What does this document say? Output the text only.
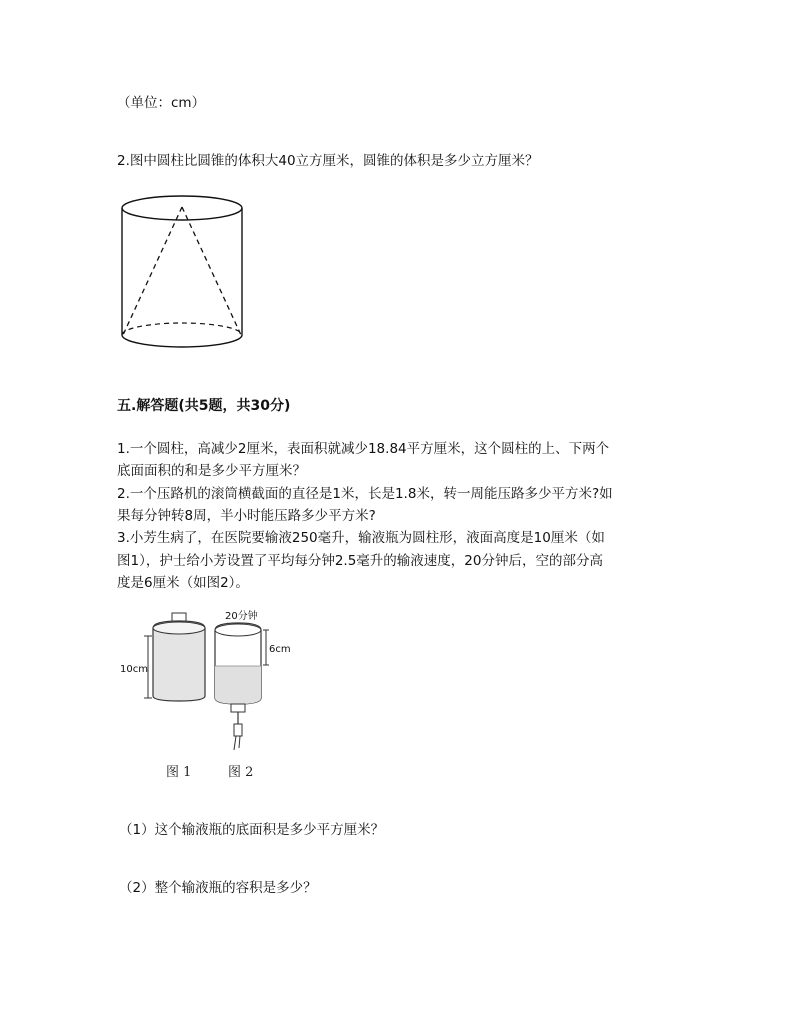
（单位：cm）
2.图中圆柱比圆锥的体积大40立方厘米，圆锥的体积是多少立方厘米？
五.解答题(共5题，共30分)
1.一个圆柱，高减少2厘米，表面积就减少18.84平方厘米，这个圆柱的上、下两个
底面面积的和是多少平方厘米？
2.一个压路机的滚筒横截面的直径是1米，长是1.8米，转一周能压路多少平方米?如
果每分钟转8周，半小时能压路多少平方米?
3.小芳生病了，在医院要输液250毫升，输液瓶为圆柱形，液面高度是10厘米（如
图1），护士给小芳设置了平均每分钟2.5毫升的输液速度，20分钟后，空的部分高
度是6厘米（如图2）。
10cm
20分钟
6cm
图 1	图 2
（1）这个输液瓶的底面积是多少平方厘米？
（2）整个输液瓶的容积是多少？
